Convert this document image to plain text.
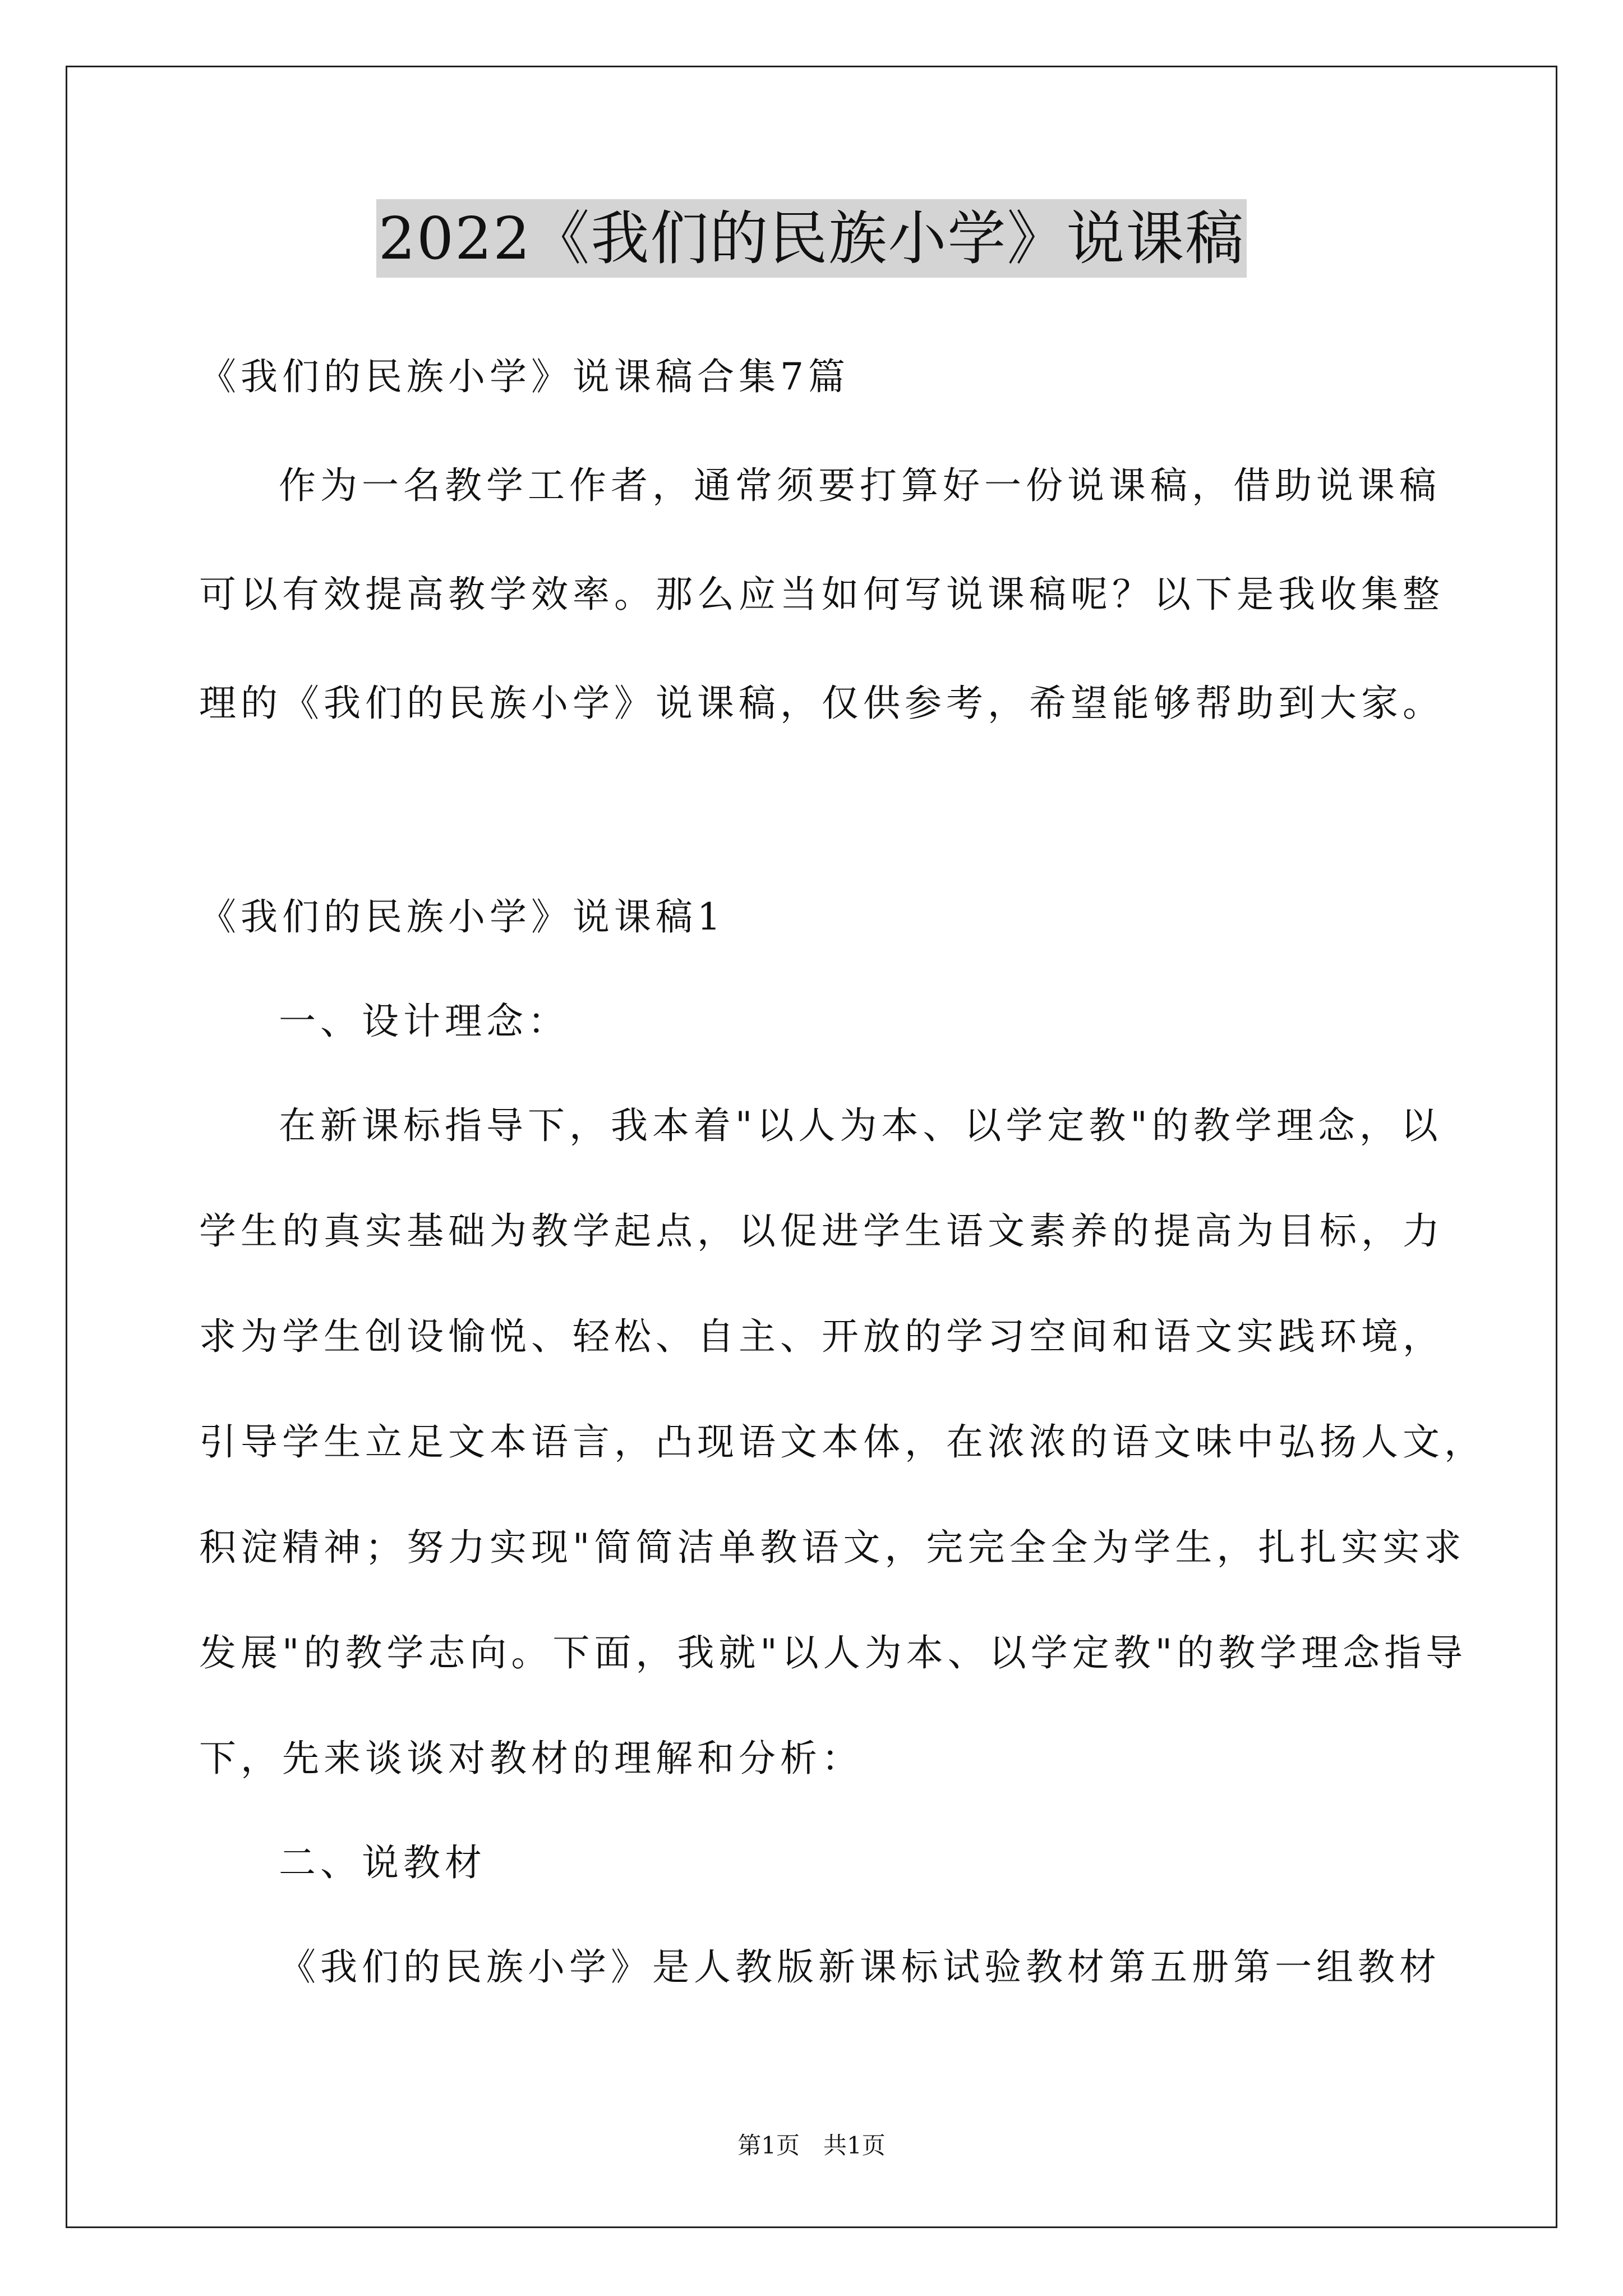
2022《我们的民族小学》说课稿
《我们的民族小学》说课稿合集7篇
作为一名教学工作者，通常须要打算好一份说课稿，借助说课稿
可以有效提高教学效率。那么应当如何写说课稿呢？以下是我收集整
理的《我们的民族小学》说课稿，仅供参考，希望能够帮助到大家。
《我们的民族小学》说课稿1
一、设计理念：
在新课标指导下，我本着"以人为本、以学定教"的教学理念，以
学生的真实基础为教学起点，以促进学生语文素养的提高为目标，力
求为学生创设愉悦、轻松、自主、开放的学习空间和语文实践环境，
引导学生立足文本语言，凸现语文本体，在浓浓的语文味中弘扬人文，
积淀精神；努力实现"简简洁单教语文，完完全全为学生，扎扎实实求
发展"的教学志向。下面，我就"以人为本、以学定教"的教学理念指导
下，先来谈谈对教材的理解和分析：
二、说教材
《我们的民族小学》是人教版新课标试验教材第五册第一组教材
第1页　共1页
